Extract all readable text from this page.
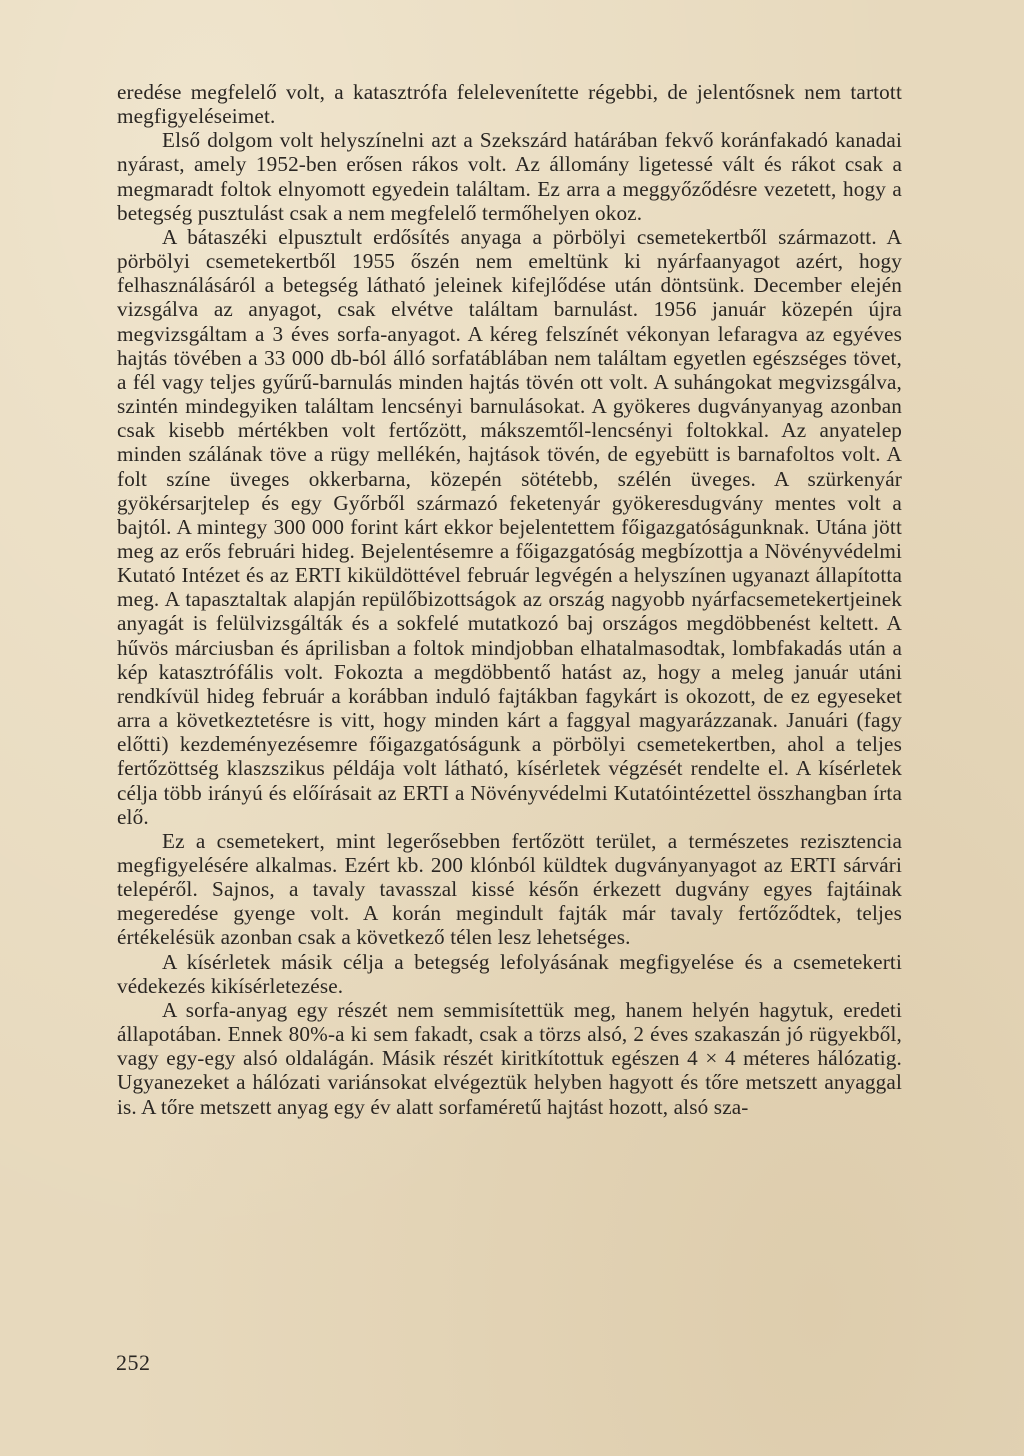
eredése megfelelő volt, a katasztrófa felelevenítette régebbi, de jelentősnek nem tartott megfigyeléseimet.

Első dolgom volt helyszínelni azt a Szekszárd határában fekvő koránfakadó kanadai nyárast, amely 1952-ben erősen rákos volt. Az állomány ligetessé vált és rákot csak a megmaradt foltok elnyomott egyedein találtam. Ez arra a meggyőződésre vezetett, hogy a betegség pusztulást csak a nem megfelelő termőhelyen okoz.

A bátaszéki elpusztult erdősítés anyaga a pörbölyi csemetekertből származott. A pörbölyi csemetekertből 1955 őszén nem emeltünk ki nyárfaanyagot azért, hogy felhasználásáról a betegség látható jeleinek kifejlődése után döntsünk. December elején vizsgálva az anyagot, csak elvétve találtam barnulást. 1956 január közepén újra megvizsgáltam a 3 éves sorfa-anyagot. A kéreg felszínét vékonyan lefaragva az egyéves hajtás tövében a 33 000 db-ból álló sorfatáblában nem találtam egyetlen egészséges tövet, a fél vagy teljes gyűrű-barnulás minden hajtás tövén ott volt. A suhángokat megvizsgálva, szintén mindegyiken találtam lencsényi barnulásokat. A gyökeres dugványanyag azonban csak kisebb mértékben volt fertőzött, mákszemtől-lencsényi foltokkal. Az anyatelep minden szálának töve a rügy mellékén, hajtások tövén, de egyebütt is barnafoltos volt. A folt színe üveges okkerbarna, közepén sötétebb, szélén üveges. A szürkenyár gyökérsarjtelep és egy Győrből származó feketenyár gyökeresdugvány mentes volt a bajtól. A mintegy 300 000 forint kárt ekkor bejelentettem főigazgatóságunknak. Utána jött meg az erős februári hideg. Bejelentésemre a főigazgatóság megbízottja a Növényvédelmi Kutató Intézet és az ERTI kiküldöttével február legvégén a helyszínen ugyanazt állapította meg. A tapasztaltak alapján repülőbizottságok az ország nagyobb nyárfacsemetekertjeinek anyagát is felülvizsgálták és a sokfelé mutatkozó baj országos megdöbbenést keltett. A hűvös márciusban és áprilisban a foltok mindjobban elhatalmasodtak, lombfakadás után a kép katasztrófális volt. Fokozta a megdöbbentő hatást az, hogy a meleg január utáni rendkívül hideg február a korábban induló fajtákban fagykárt is okozott, de ez egyeseket arra a következtetésre is vitt, hogy minden kárt a faggyal magyarázzanak. Januári (fagy előtti) kezdeményezésemre főigazgatóságunk a pörbölyi csemetekertben, ahol a teljes fertőzöttség klaszszikus példája volt látható, kísérletek végzését rendelte el. A kísérletek célja több irányú és előírásait az ERTI a Növényvédelmi Kutatóintézettel összhangban írta elő.

Ez a csemetekert, mint legerősebben fertőzött terület, a természetes rezisztencia megfigyelésére alkalmas. Ezért kb. 200 klónból küldtek dugványanyagot az ERTI sárvári telepéről. Sajnos, a tavaly tavasszal kissé későn érkezett dugvány egyes fajtáinak megeredése gyenge volt. A korán megindult fajták már tavaly fertőződtek, teljes értékelésük azonban csak a következő télen lesz lehetséges.

A kísérletek másik célja a betegség lefolyásának megfigyelése és a csemetekerti védekezés kikísérletezése.

A sorfa-anyag egy részét nem semmisítettük meg, hanem helyén hagytuk, eredeti állapotában. Ennek 80%-a ki sem fakadt, csak a törzs alsó, 2 éves szakaszán jó rügyekből, vagy egy-egy alsó oldalágán. Másik részét kiritkítottuk egészen 4 × 4 méteres hálózatig. Ugyanezeket a hálózati variánsokat elvégeztük helyben hagyott és tőre metszett anyaggal is. A tőre metszett anyag egy év alatt sorfaméretű hajtást hozott, alsó sza-

252
